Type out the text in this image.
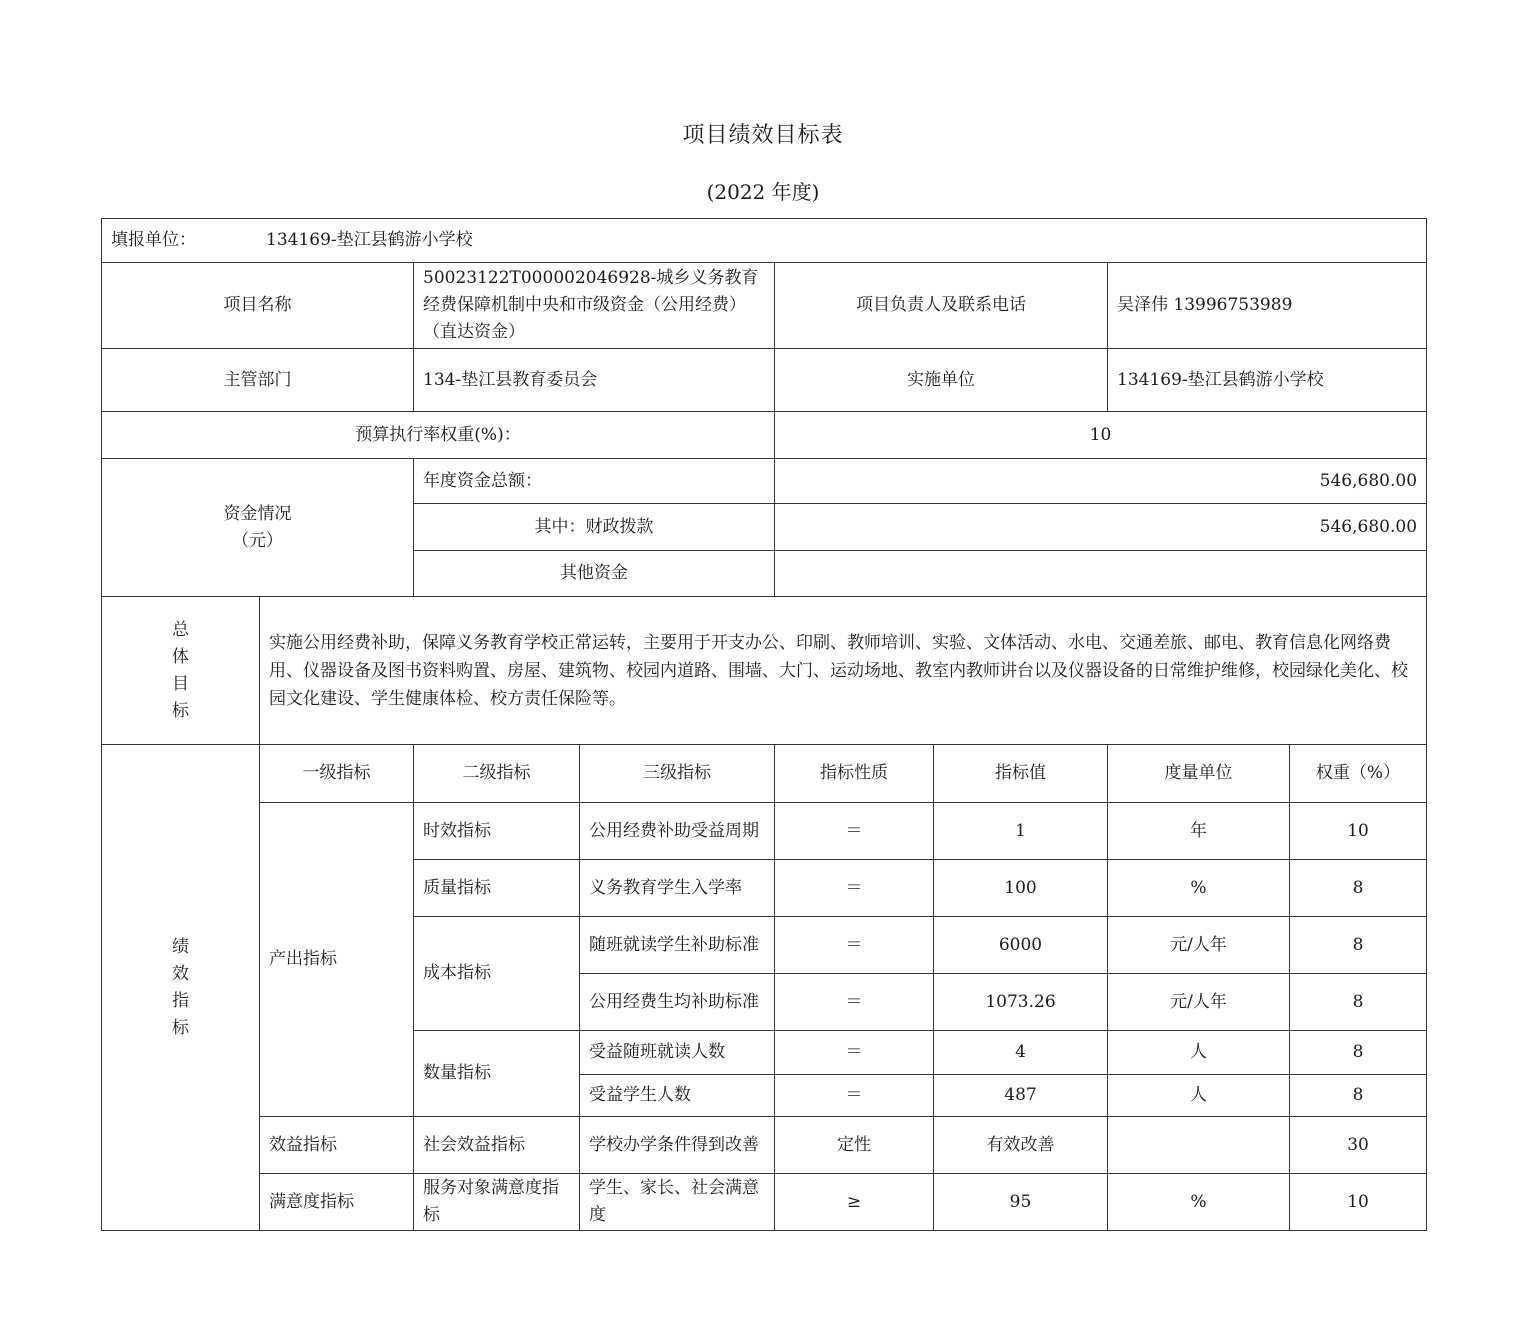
项目绩效目标表
(2022 年度)
填报单位： 134169-垫江县鹤游小学校							
项目名称		50023122T000002046928-城乡义务教育经费保障机制中央和市级资金（公用经费）（直达资金）		项目负责人及联系电话		吴泽伟 13996753989	
主管部门		134-垫江县教育委员会		实施单位		134169-垫江县鹤游小学校	
预算执行率权重(%)：				10			
资金情况
（元）		年度资金总额：		546,680.00			
		其中：财政拨款		546,680.00			
		其他资金					

总
体
目
标	实施公用经费补助，保障义务教育学校正常运转，主要用于开支办公、印刷、教师培训、实验、文体活动、水电、交通差旅、邮电、教育信息化网络费用、仪器设备及图书资料购置、房屋、建筑物、校园内道路、围墙、大门、运动场地、教室内教师讲台以及仪器设备的日常维护维修，校园绿化美化、校园文化建设、学生健康体检、校方责任保险等。						

绩
效
指
标	一级指标	二级指标	三级指标	指标性质	指标值	度量单位	权重（%）
	产出指标	时效指标	公用经费补助受益周期	＝	1	年	10
		质量指标	义务教育学生入学率	＝	100	%	8
		成本指标	随班就读学生补助标准	＝	6000	元/人年	8
			公用经费生均补助标准	＝	1073.26	元/人年	8
		数量指标	受益随班就读人数	＝	4	人	8
			受益学生人数	＝	487	人	8
	效益指标	社会效益指标	学校办学条件得到改善	定性	有效改善		30
	满意度指标	服务对象满意度指标	学生、家长、社会满意度	≥	95	%	10
